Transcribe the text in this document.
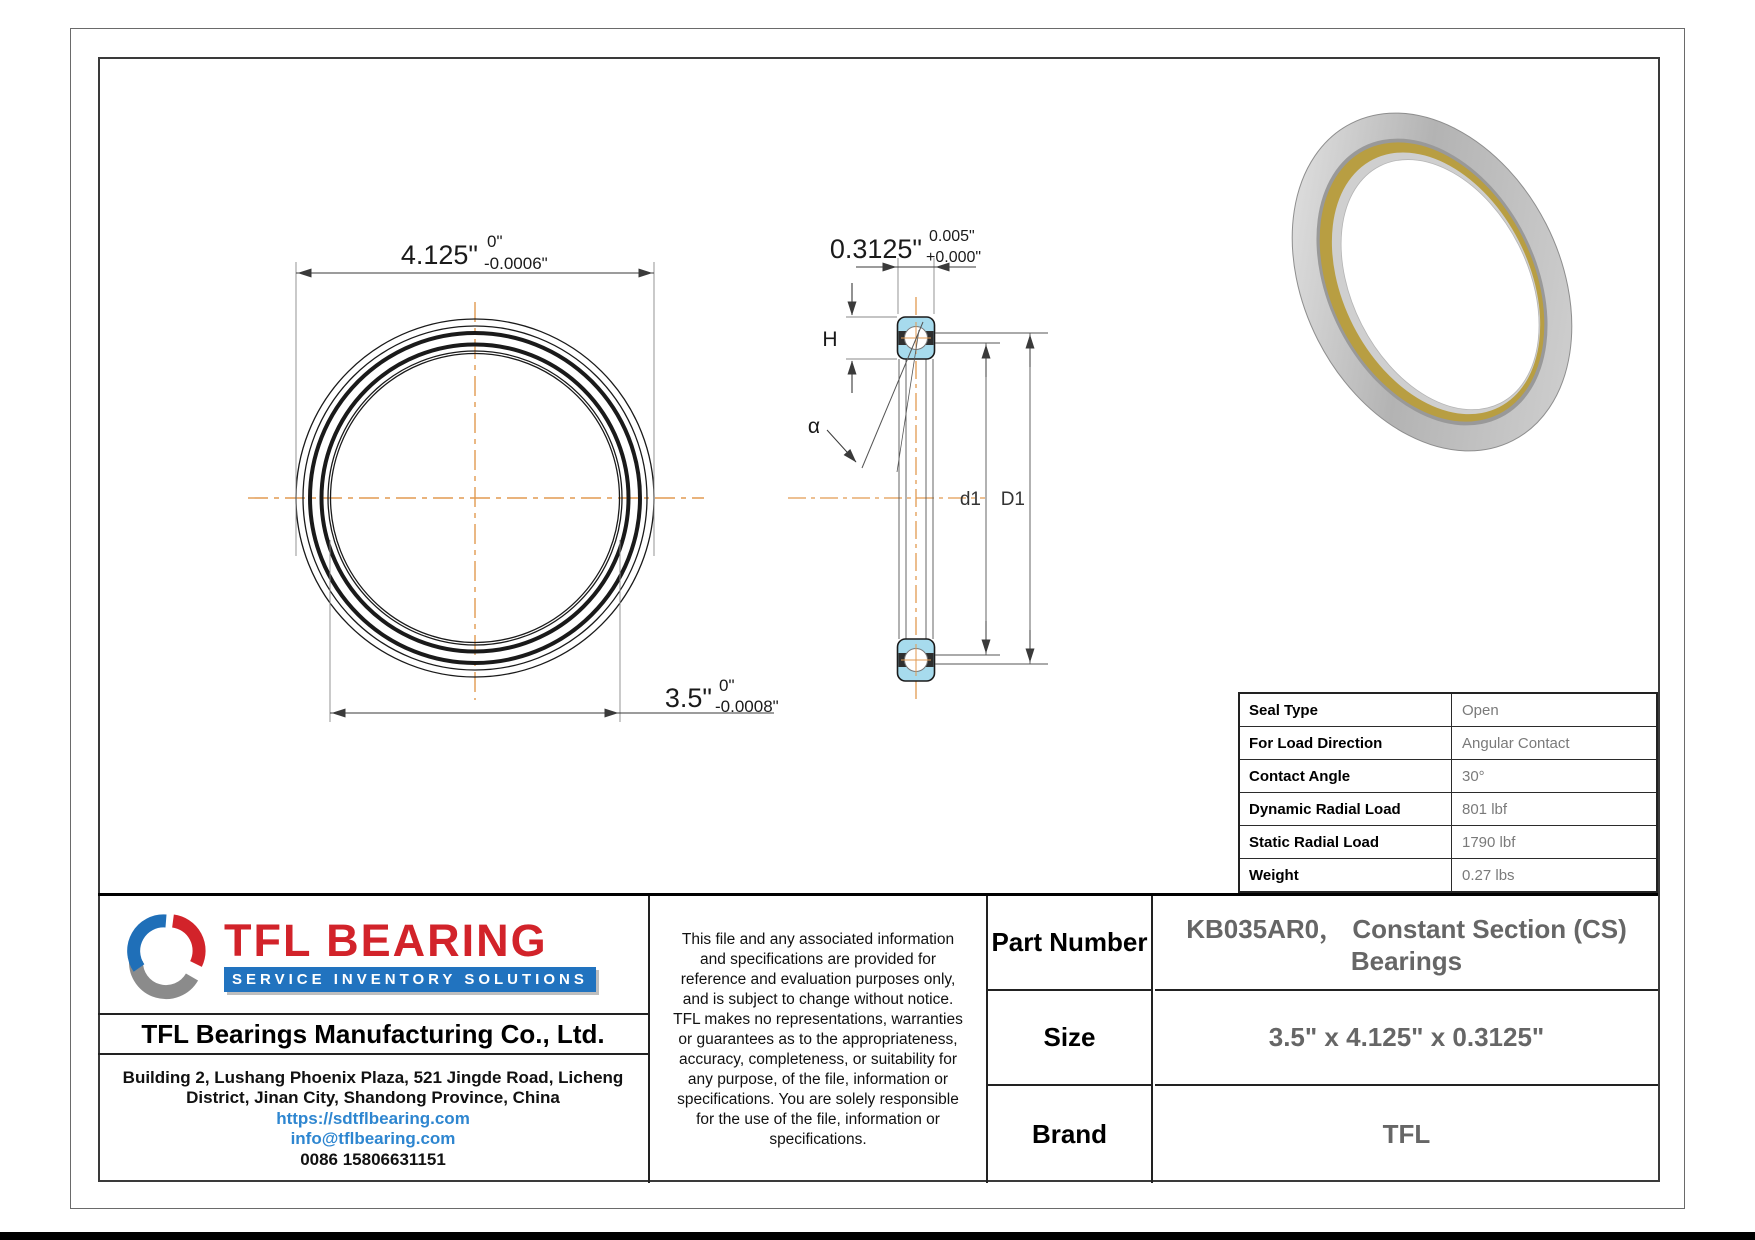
4.125" 0"
-0.0006"
3.5" 0"
-0.0008"
0.3125" 0.005"
+0.000"
H
α
d1 D1
Seal Type	Open
For Load Direction	Angular Contact
Contact Angle	30°
Dynamic Radial Load	801 lbf
Static Radial Load	1790 lbf
Weight	0.27 lbs
TFL BEARING
SERVICE INVENTORY SOLUTIONS
TFL Bearings Manufacturing Co., Ltd.
Building 2, Lushang Phoenix Plaza, 521 Jingde Road, Licheng
District, Jinan City, Shandong Province, China
https://sdtflbearing.com
info@tflbearing.com
0086 15806631151
This file and any associated information and specifications are provided for reference and evaluation purposes only, and is subject to change without notice. TFL makes no representations, warranties or guarantees as to the appropriateness, accuracy, completeness, or suitability for any purpose, of the file, information or specifications. You are solely responsible for the use of the file, information or specifications.
Part Number	KB035AR0， Constant Section (CS) Bearings
Size	3.5" x 4.125" x 0.3125"
Brand	TFL
